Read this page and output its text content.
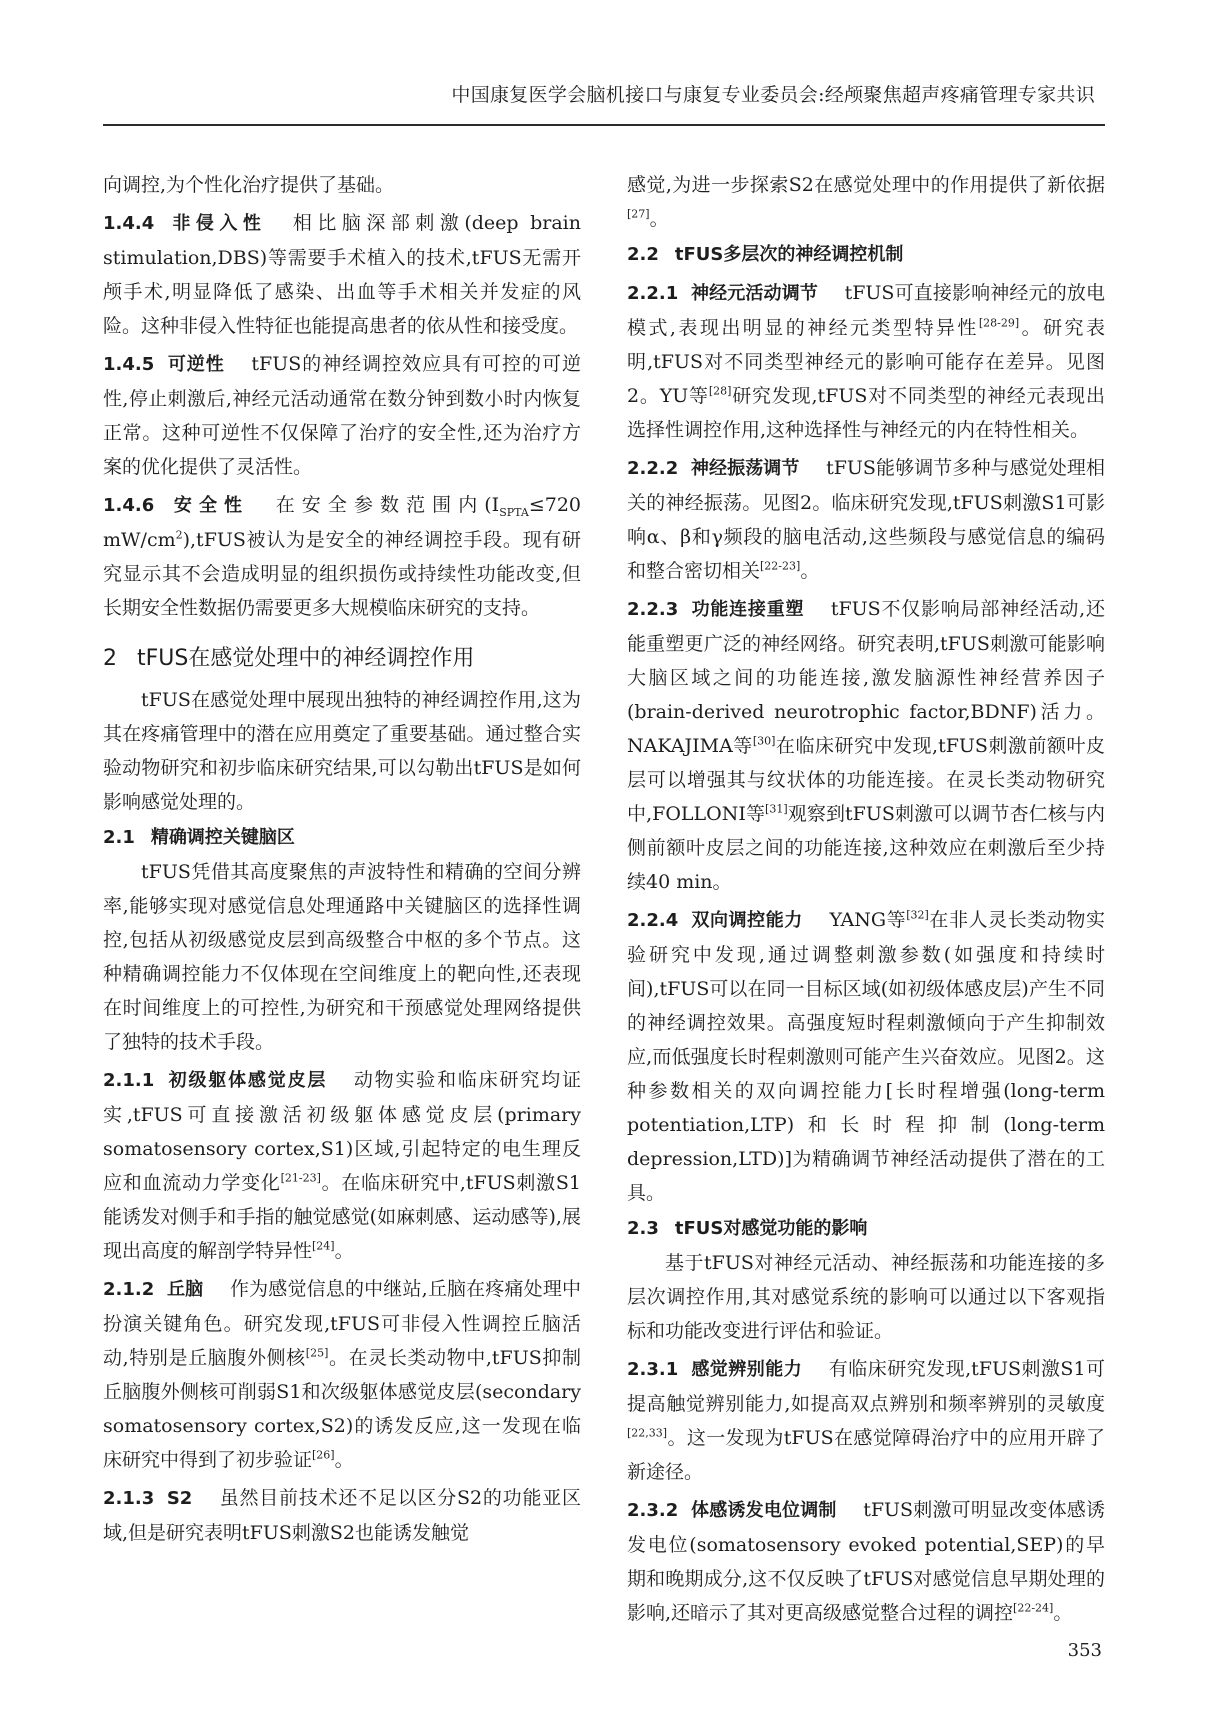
中国康复医学会脑机接口与康复专业委员会:经颅聚焦超声疼痛管理专家共识

向调控,为个性化治疗提供了基础。

1.4.4 非侵入性 相比脑深部刺激(deep brain stimulation,DBS)等需要手术植入的技术,tFUS无需开颅手术,明显降低了感染、出血等手术相关并发症的风险。这种非侵入性特征也能提高患者的依从性和接受度。

1.4.5 可逆性 tFUS的神经调控效应具有可控的可逆性,停止刺激后,神经元活动通常在数分钟到数小时内恢复正常。这种可逆性不仅保障了治疗的安全性,还为治疗方案的优化提供了灵活性。

1.4.6 安全性 在安全参数范围内($I_{SPTA}\le 720$ $mW/cm^2),tFUS$被认为是安全的神经调控手段。现有研究显示其不会造成明显的组织损伤或持续性功能改变,但长期安全性数据仍需要更多大规模临床研究的支持。

2 tFUS在感觉处理中的神经调控作用

tFUS在感觉处理中展现出独特的神经调控作用,这为其在疼痛管理中的潜在应用奠定了重要基础。通过整合实验动物研究和初步临床研究结果,可以勾勒出tFUS是如何影响感觉处理的。

2.1 精确调控关键脑区

tFUS凭借其高度聚焦的声波特性和精确的空间分辨率,能够实现对感觉信息处理通路中关键脑区的选择性调控,包括从初级感觉皮层到高级整合中枢的多个节点。这种精确调控能力不仅体现在空间维度上的靶向性,还表现在时间维度上的可控性,为研究和干预感觉处理网络提供了独特的技术手段。

2.1.1 初级躯体感觉皮层 动物实验和临床研究均证实,tFUS可直接激活初级躯体感觉皮层(primary somatosensory cortex,S1)区域,引起特定的电生理反应和血流动力学变化[21-23]。在临床研究中,tFUS刺激S1能诱发对侧手和手指的触觉感觉(如麻刺感、运动感等),展现出高度的解剖学特异性[24]。

2.1.2 丘脑 作为感觉信息的中继站,丘脑在疼痛处理中扮演关键角色。研究发现,tFUS可非侵入性调控丘脑活动,特别是丘脑腹外侧核[25]。在灵长类动物中,tFUS抑制丘脑腹外侧核可削弱S1和次级躯体感觉皮层(secondary somatosensory cortex,S2)的诱发反应,这一发现在临床研究中得到了初步验证[26]。

2.1.3 S2 虽然目前技术还不足以区分S2的功能亚区域,但是研究表明tFUS刺激S2也能诱发触觉

感觉,为进一步探索S2在感觉处理中的作用提供了新依据[27]。

2.2 tFUS多层次的神经调控机制

2.2.1 神经元活动调节 tFUS可直接影响神经元的放电模式,表现出明显的神经元类型特异性[28-29]。研究表明,tFUS对不同类型神经元的影响可能存在差异。见图2。YU等[28]研究发现,tFUS对不同类型的神经元表现出选择性调控作用,这种选择性与神经元的内在特性相关。

2.2.2 神经振荡调节 tFUS能够调节多种与感觉处理相关的神经振荡。见图2。临床研究发现,tFUS刺激S1可影响α、β和γ频段的脑电活动,这些频段与感觉信息的编码和整合密切相关[22-23]。

2.2.3 功能连接重塑 tFUS不仅影响局部神经活动,还能重塑更广泛的神经网络。研究表明,tFUS刺激可能影响大脑区域之间的功能连接,激发脑源性神经营养因子(brain-derived neurotrophic factor,BDNF)活力。NAKAJIMA等[30]在临床研究中发现,tFUS刺激前额叶皮层可以增强其与纹状体的功能连接。在灵长类动物研究中,FOLLONI等[31]观察到tFUS刺激可以调节杏仁核与内侧前额叶皮层之间的功能连接,这种效应在刺激后至少持续40 min。

2.2.4 双向调控能力 YANG等[32]在非人灵长类动物实验研究中发现,通过调整刺激参数(如强度和持续时间),tFUS可以在同一目标区域(如初级体感皮层)产生不同的神经调控效果。高强度短时程刺激倾向于产生抑制效应,而低强度长时程刺激则可能产生兴奋效应。见图2。这种参数相关的双向调控能力[长时程增强(long-term potentiation,LTP)和长时程抑制(long-term depression,LTD)]为精确调节神经活动提供了潜在的工具。

2.3 tFUS对感觉功能的影响

基于tFUS对神经元活动、神经振荡和功能连接的多层次调控作用,其对感觉系统的影响可以通过以下客观指标和功能改变进行评估和验证。

2.3.1 感觉辨别能力 有临床研究发现,tFUS刺激S1可提高触觉辨别能力,如提高双点辨别和频率辨别的灵敏度[22,33]。这一发现为tFUS在感觉障碍治疗中的应用开辟了新途径。

2.3.2 体感诱发电位调制 tFUS刺激可明显改变体感诱发电位(somatosensory evoked potential,SEP)的早期和晚期成分,这不仅反映了tFUS对感觉信息早期处理的影响,还暗示了其对更高级感觉整合过程的调控[22-24]。

353
